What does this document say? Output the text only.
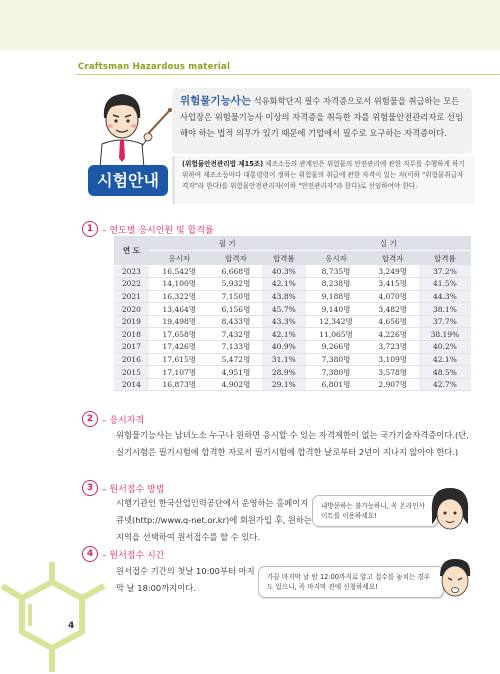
Craftsman Hazardous material
시험안내

위험물기능사는 석유화학단지 필수 자격증으로서 위험물을 취급하는 모든 사업장은 위험물기능사 이상의 자격증을 취득한 자를 위험물안전관리자로 선임해야 하는 법적 의무가 있기 때문에 기업에서 필수로 요구하는 자격증이다.

(위험물안전관리법 제15조) 제조소등의 관계인은 위험물의 안전관리에 관한 직무를 수행하게 하기 위하여 제조소등마다 대통령령이 정하는 위험물의 취급에 관한 자격이 있는 자(이하 "위험물취급자격자"라 한다)를 위험물안전관리자(이하 "안전관리자"라 한다)로 선임하여야 한다.

1 – 연도별 응시인원 및 합격률
연 도	필 기			실 기		
	응시자	합격자	합격률	응시자	합격자	합격률
2023	16,542명	6,668명	40.3%	8,735명	3,249명	37.2%
2022	14,100명	5,932명	42.1%	8,238명	3,415명	41.5%
2021	16,322명	7,150명	43.8%	9,188명	4,070명	44.3%
2020	13,464명	6,156명	45.7%	9,140명	3,482명	38.1%
2019	19,498명	8,433명	43.3%	12,342명	4,656명	37.7%
2018	17,658명	7,432명	42.1%	11,065명	4,226명	38.19%
2017	17,426명	7,133명	40.9%	9,266명	3,723명	40.2%
2016	17,615명	5,472명	31.1%	7,380명	3,109명	42.1%
2015	17,107명	4,951명	28.9%	7,380명	3,578명	48.5%
2014	16,873명	4,902명	29.1%	6,801명	2,907명	42.7%
2 – 응시자격

위험물기능사는 남녀노소 누구나 원하면 응시할 수 있는 자격제한이 없는 국가기술자격증이다.(단, 실기시험은 필기시험에 합격한 자로서 필기시험에 합격한 날로부터 2년이 지나지 않아야 한다.)

3 – 원서접수 방법

시행기관인 한국산업인력공단에서 운영하는 홈페이지 큐넷(http://www.q-net.or.kr)에 회원가입 후, 원하는 지역을 선택하여 원서접수를 할 수 있다.

내방문하는 불가능하니, 꼭 온라인사이트를 이용하세요!
4 – 원서접수 시간

원서접수 기간의 첫날 10:00부터 마지막 날 18:00까지이다.

가끔 마지막 날 밤 12:00까지로 알고 접수를 놓치는 경우도 있으니, 꼭 마지막 전에 신청하세요!
4
